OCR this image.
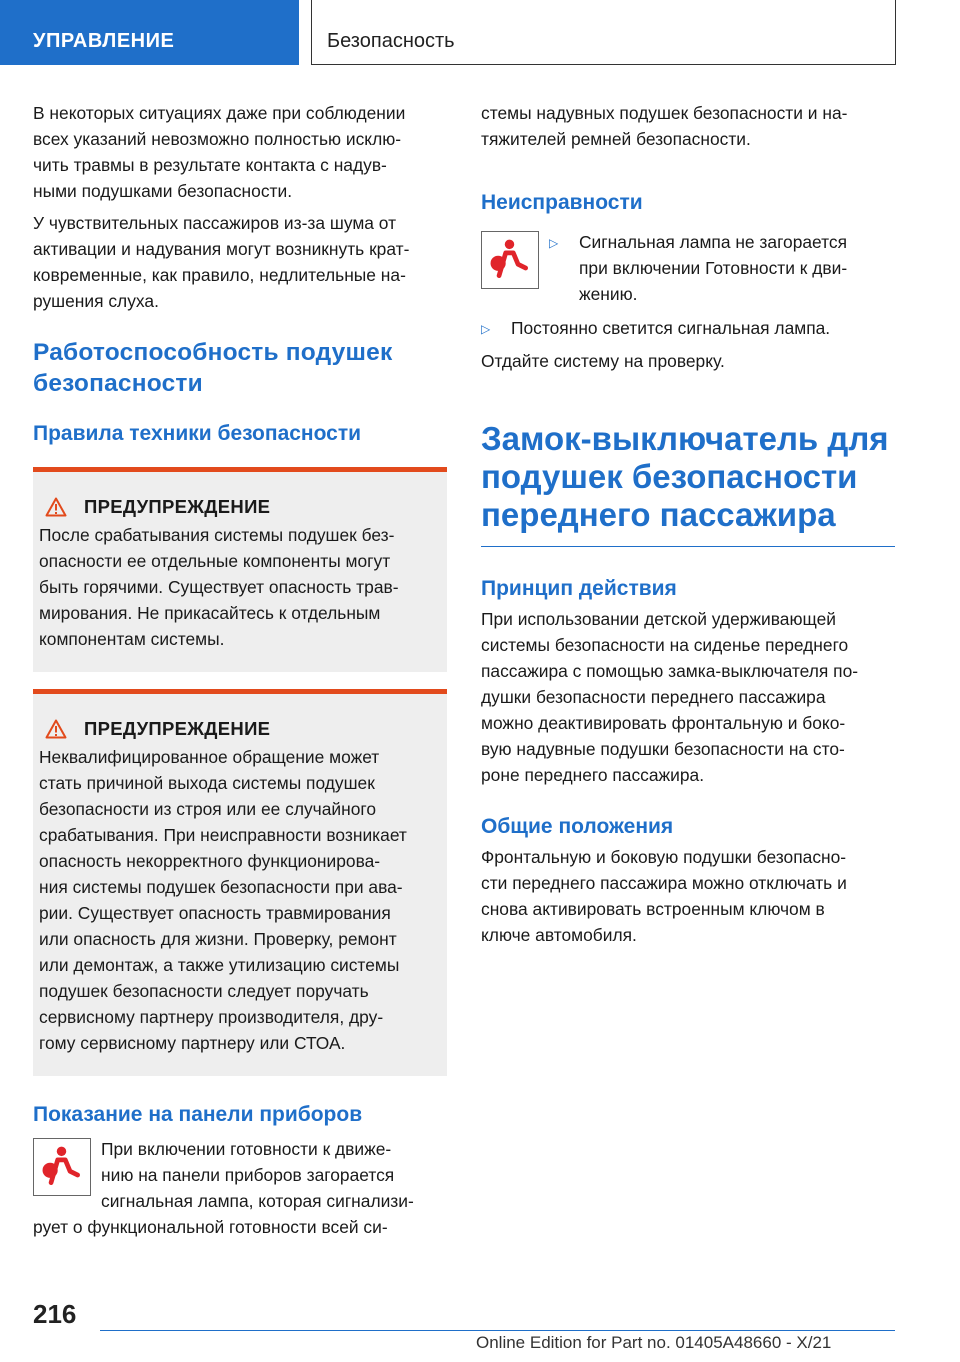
УПРАВЛЕНИЕ	Безопасность

В некоторых ситуациях даже при соблюдении
всех указаний невозможно полностью исклю-
чить травмы в результате контакта с надув-
ными подушками безопасности.

У чувствительных пассажиров из-за шума от
активации и надувания могут возникнуть крат-
ковременные, как правило, недлительные на-
рушения слуха.

Работоспособность подушек
безопасности
Правила техники безопасности
ПРЕДУПРЕЖДЕНИЕ

После срабатывания системы подушек без-
опасности ее отдельные компоненты могут
быть горячими. Существует опасность трав-
мирования. Не прикасайтесь к отдельным
компонентам системы.

ПРЕДУПРЕЖДЕНИЕ

Неквалифицированное обращение может
стать причиной выхода системы подушек
безопасности из строя или ее случайного
срабатывания. При неисправности возникает
опасность некорректного функционирова-
ния системы подушек безопасности при ава-
рии. Существует опасность травмирования
или опасность для жизни. Проверку, ремонт
или демонтаж, а также утилизацию системы
подушек безопасности следует поручать
сервисному партнеру производителя, дру-
гому сервисному партнеру или СТОА.

Показание на панели приборов

При включении готовности к движе-
нию на панели приборов загорается
сигнальная лампа, которая сигнализи-
рует о функциональной готовности всей си-

стемы надувных подушек безопасности и на-
тяжителей ремней безопасности.

Неисправности
▷	Сигнальная лампа не загорается
при включении Готовности к дви-
жению.
▷	Постоянно светится сигнальная лампа.

Отдайте систему на проверку.

Замок-выключатель для
подушек безопасности
переднего пассажира
Принцип действия

При использовании детской удерживающей
системы безопасности на сиденье переднего
пассажира с помощью замка-выключателя по-
душки безопасности переднего пассажира
можно деактивировать фронтальную и боко-
вую надувные подушки безопасности на сто-
роне переднего пассажира.

Общие положения

Фронтальную и боковую подушки безопасно-
сти переднего пассажира можно отключать и
снова активировать встроенным ключом в
ключе автомобиля.

216
Online Edition for Part no. 01405A48660 - X/21
